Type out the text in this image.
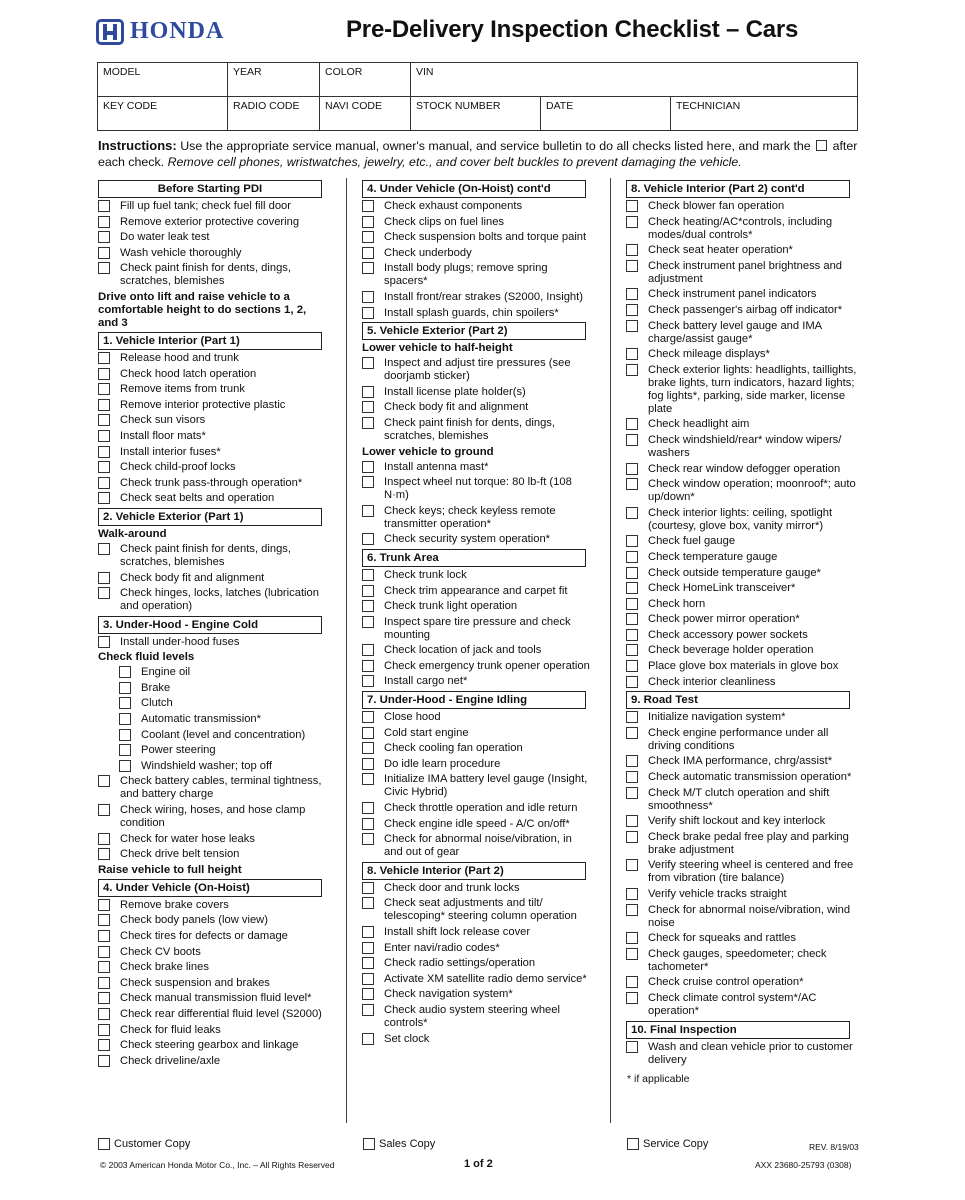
HONDA	Pre-Delivery Inspection Checklist – Cars
MODEL	YEAR	COLOR	VIN
KEY CODE	RADIO CODE	NAVI CODE	STOCK NUMBER	DATE	TECHNICIAN
Instructions: Use the appropriate service manual, owner's manual, and service bulletin to do all checks listed here, and mark the after each check. Remove cell phones, wristwatches, jewelry, etc., and cover belt buckles to prevent damaging the vehicle.
Before Starting PDI
Fill up fuel tank; check fuel fill door
Remove exterior protective covering
Do water leak test
Wash vehicle thoroughly
Check paint finish for dents, dings, scratches, blemishes
Drive onto lift and raise vehicle to a comfortable height to do sections 1, 2, and 3
1. Vehicle Interior (Part 1)
Release hood and trunk
Check hood latch operation
Remove items from trunk
Remove interior protective plastic
Check sun visors
Install floor mats*
Install interior fuses*
Check child-proof locks
Check trunk pass-through operation*
Check seat belts and operation
2. Vehicle Exterior (Part 1)
Walk-around
Check paint finish for dents, dings, scratches, blemishes
Check body fit and alignment
Check hinges, locks, latches (lubrication and operation)
3. Under-Hood - Engine Cold
Install under-hood fuses
Check fluid levels
Engine oil
Brake
Clutch
Automatic transmission*
Coolant (level and concentration)
Power steering
Windshield washer; top off
Check battery cables, terminal tightness, and battery charge
Check wiring, hoses, and hose clamp condition
Check for water hose leaks
Check drive belt tension
Raise vehicle to full height
4. Under Vehicle (On-Hoist)
Remove brake covers
Check body panels (low view)
Check tires for defects or damage
Check CV boots
Check brake lines
Check suspension and brakes
Check manual transmission fluid level*
Check rear differential fluid level (S2000)
Check for fluid leaks
Check steering gearbox and linkage
Check driveline/axle
4. Under Vehicle (On-Hoist) cont'd
Check exhaust components
Check clips on fuel lines
Check suspension bolts and torque paint
Check underbody
Install body plugs; remove spring spacers*
Install front/rear strakes (S2000, Insight)
Install splash guards, chin spoilers*
5. Vehicle Exterior (Part 2)
Lower vehicle to half-height
Inspect and adjust tire pressures (see doorjamb sticker)
Install license plate holder(s)
Check body fit and alignment
Check paint finish for dents, dings, scratches, blemishes
Lower vehicle to ground
Install antenna mast*
Inspect wheel nut torque: 80 lb-ft (108 N·m)
Check keys; check keyless remote transmitter operation*
Check security system operation*
6. Trunk Area
Check trunk lock
Check trim appearance and carpet fit
Check trunk light operation
Inspect spare tire pressure and check mounting
Check location of jack and tools
Check emergency trunk opener operation
Install cargo net*
7. Under-Hood - Engine Idling
Close hood
Cold start engine
Check cooling fan operation
Do idle learn procedure
Initialize IMA battery level gauge (Insight, Civic Hybrid)
Check throttle operation and idle return
Check engine idle speed - A/C on/off*
Check for abnormal noise/vibration, in and out of gear
8. Vehicle Interior (Part 2)
Check door and trunk locks
Check seat adjustments and tilt/ telescoping* steering column operation
Install shift lock release cover
Enter navi/radio codes*
Check radio settings/operation
Activate XM satellite radio demo service*
Check navigation system*
Check audio system steering wheel controls*
Set clock
8. Vehicle Interior (Part 2) cont'd
Check blower fan operation
Check heating/AC*controls, including modes/dual controls*
Check seat heater operation*
Check instrument panel brightness and adjustment
Check instrument panel indicators
Check passenger's airbag off indicator*
Check battery level gauge and IMA charge/assist gauge*
Check mileage displays*
Check exterior lights: headlights, taillights, brake lights, turn indicators, hazard lights; fog lights*, parking, side marker, license plate
Check headlight aim
Check windshield/rear* window wipers/ washers
Check rear window defogger operation
Check window operation; moonroof*; auto up/down*
Check interior lights: ceiling, spotlight (courtesy, glove box, vanity mirror*)
Check fuel gauge
Check temperature gauge
Check outside temperature gauge*
Check HomeLink transceiver*
Check horn
Check power mirror operation*
Check accessory power sockets
Check beverage holder operation
Place glove box materials in glove box
Check interior cleanliness
9. Road Test
Initialize navigation system*
Check engine performance under all driving conditions
Check IMA performance, chrg/assist*
Check automatic transmission operation*
Check M/T clutch operation and shift smoothness*
Verify shift lockout and key interlock
Check brake pedal free play and parking brake adjustment
Verify steering wheel is centered and free from vibration (tire balance)
Verify vehicle tracks straight
Check for abnormal noise/vibration, wind noise
Check for squeaks and rattles
Check gauges, speedometer; check tachometer*
Check cruise control operation*
Check climate control system*/AC operation*
10. Final Inspection
Wash and clean vehicle prior to customer delivery
* if applicable
Customer Copy	Sales Copy	Service Copy	REV. 8/19/03
© 2003 American Honda Motor Co., Inc. – All Rights Reserved	1 of 2	AXX 23680-25793 (0308)
